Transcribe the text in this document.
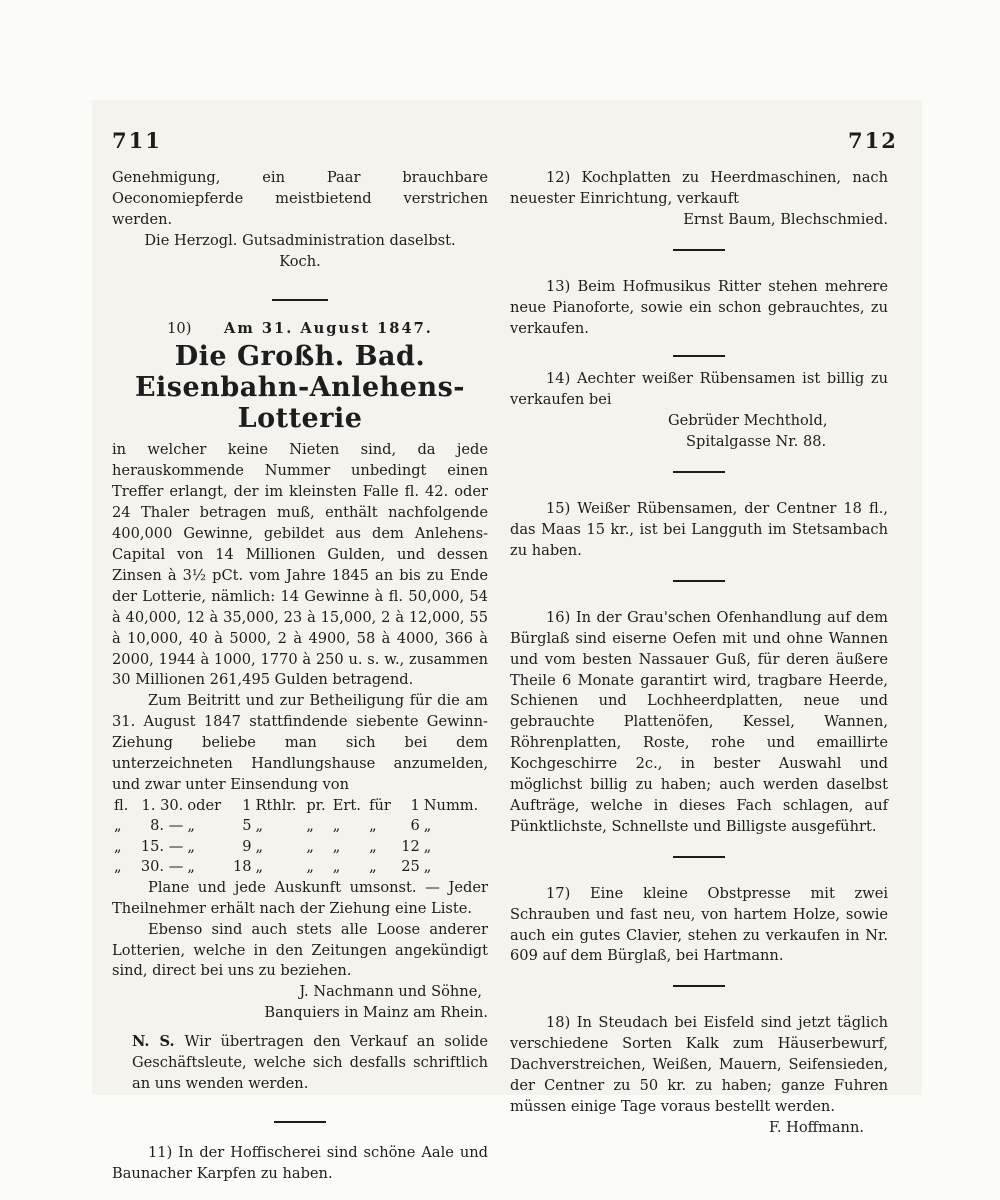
711	712

Genehmigung, ein Paar brauchbare Oeconomiepferde meistbietend verstrichen werden.

Die Herzogl. Gutsadministration daselbst.

Koch.

10) Am 31. August 1847.
Die Großh. Bad. Eisenbahn-Anlehens-Lotterie

in welcher keine Nieten sind, da jede herauskommende Nummer unbedingt einen Treffer erlangt, der im kleinsten Falle fl. 42. oder 24 Thaler betragen muß, enthält nachfolgende 400,000 Gewinne, gebildet aus dem Anlehens-Capital von 14 Millionen Gulden, und dessen Zinsen à 3½ pCt. vom Jahre 1845 an bis zu Ende der Lotterie, nämlich: 14 Gewinne à fl. 50,000, 54 à 40,000, 12 à 35,000, 23 à 15,000, 2 à 12,000, 55 à 10,000, 40 à 5000, 2 à 4900, 58 à 4000, 366 à 2000, 1944 à 1000, 1770 à 250 u. s. w., zusammen 30 Millionen 261,495 Gulden betragend.

Zum Beitritt und zur Betheiligung für die am 31. August 1847 stattfindende siebente Gewinn-Ziehung beliebe man sich bei dem unterzeichneten Handlungshause anzumelden, und zwar unter Einsendung von

fl.	1. 30.	oder	1	Rthlr.	pr.	Ert.	für	1	Numm.
„	8. —	„	5	„	„	„	„	6	„
„	15. —	„	9	„	„	„	„	12	„
„	30. —	„	18	„	„	„	„	25	„

Plane und jede Auskunft umsonst. — Jeder Theilnehmer erhält nach der Ziehung eine Liste.

Ebenso sind auch stets alle Loose anderer Lotterien, welche in den Zeitungen angekündigt sind, direct bei uns zu beziehen.

J. Nachmann und Söhne,

Banquiers in Mainz am Rhein.

N. S. Wir übertragen den Verkauf an solide Geschäftsleute, welche sich desfalls schriftlich an uns wenden werden.

11) In der Hoffischerei sind schöne Aale und Baunacher Karpfen zu haben.

12) Kochplatten zu Heerdmaschinen, nach neuester Einrichtung, verkauft

Ernst Baum, Blechschmied.

13) Beim Hofmusikus Ritter stehen mehrere neue Pianoforte, sowie ein schon gebrauchtes, zu verkaufen.

14) Aechter weißer Rübensamen ist billig zu verkaufen bei

Gebrüder Mechthold,

Spitalgasse Nr. 88.

15) Weißer Rübensamen, der Centner 18 fl., das Maas 15 kr., ist bei Langguth im Stetsambach zu haben.

16) In der Grau'schen Ofenhandlung auf dem Bürglaß sind eiserne Oefen mit und ohne Wannen und vom besten Nassauer Guß, für deren äußere Theile 6 Monate garantirt wird, tragbare Heerde, Schienen und Lochheerdplatten, neue und gebrauchte Plattenöfen, Kessel, Wannen, Röhrenplatten, Roste, rohe und emaillirte Kochgeschirre 2c., in bester Auswahl und möglichst billig zu haben; auch werden daselbst Aufträge, welche in dieses Fach schlagen, auf Pünktlichste, Schnellste und Billigste ausgeführt.

17) Eine kleine Obstpresse mit zwei Schrauben und fast neu, von hartem Holze, sowie auch ein gutes Clavier, stehen zu verkaufen in Nr. 609 auf dem Bürglaß, bei Hartmann.

18) In Steudach bei Eisfeld sind jetzt täglich verschiedene Sorten Kalk zum Häuserbewurf, Dachverstreichen, Weißen, Mauern, Seifensieden, der Centner zu 50 kr. zu haben; ganze Fuhren müssen einige Tage voraus bestellt werden.

F. Hoffmann.
